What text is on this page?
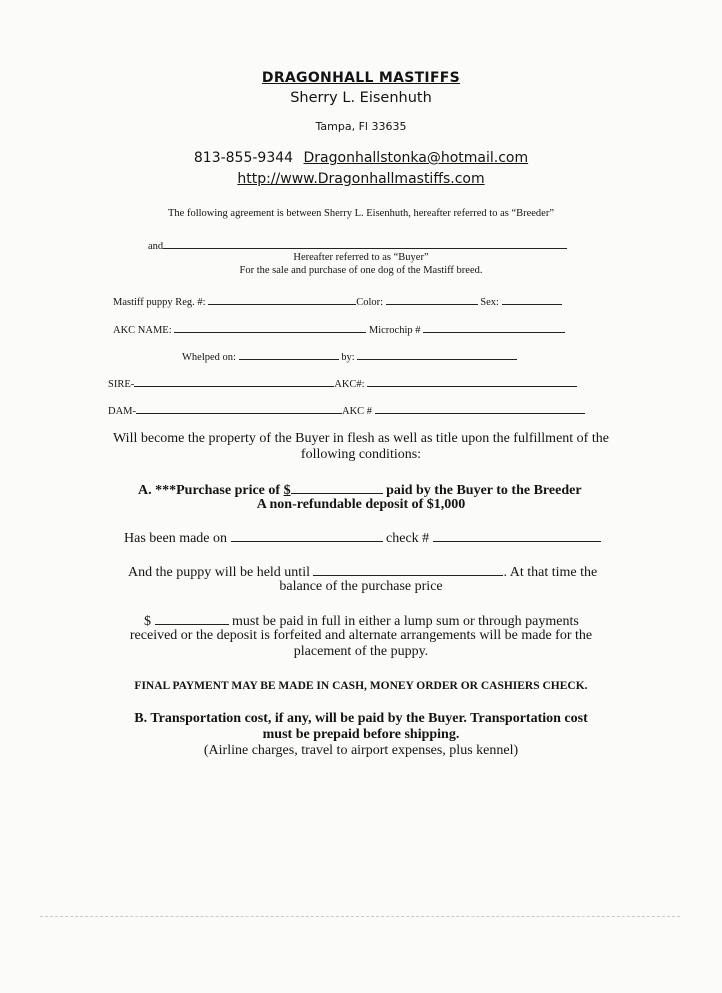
DRAGONHALL MASTIFFS
Sherry L. Eisenhuth
Tampa, Fl 33635
813-855-9344 Dragonhallstonka@hotmail.com
http://www.Dragonhallmastiffs.com
The following agreement is between Sherry L. Eisenhuth, hereafter referred to as “Breeder”
and
Hereafter referred to as “Buyer”
For the sale and purchase of one dog of the Mastiff breed.
Mastiff puppy Reg. #:	Color:	Sex:
AKC NAME:	Microchip #
Whelped on:	by:
SIRE-	AKC#:
DAM-	AKC #
Will become the property of the Buyer in flesh as well as title upon the fulfillment of the
following conditions:
A. ***Purchase price of $	paid by the Buyer to the Breeder
A non-refundable deposit of $1,000
Has been made on	check #
And the puppy will be held until	. At that time the
balance of the purchase price
$	must be paid in full in either a lump sum or through payments
received or the deposit is forfeited and alternate arrangements will be made for the
placement of the puppy.
FINAL PAYMENT MAY BE MADE IN CASH, MONEY ORDER OR CASHIERS CHECK.
B. Transportation cost, if any, will be paid by the Buyer. Transportation cost
must be prepaid before shipping.
(Airline charges, travel to airport expenses, plus kennel)
